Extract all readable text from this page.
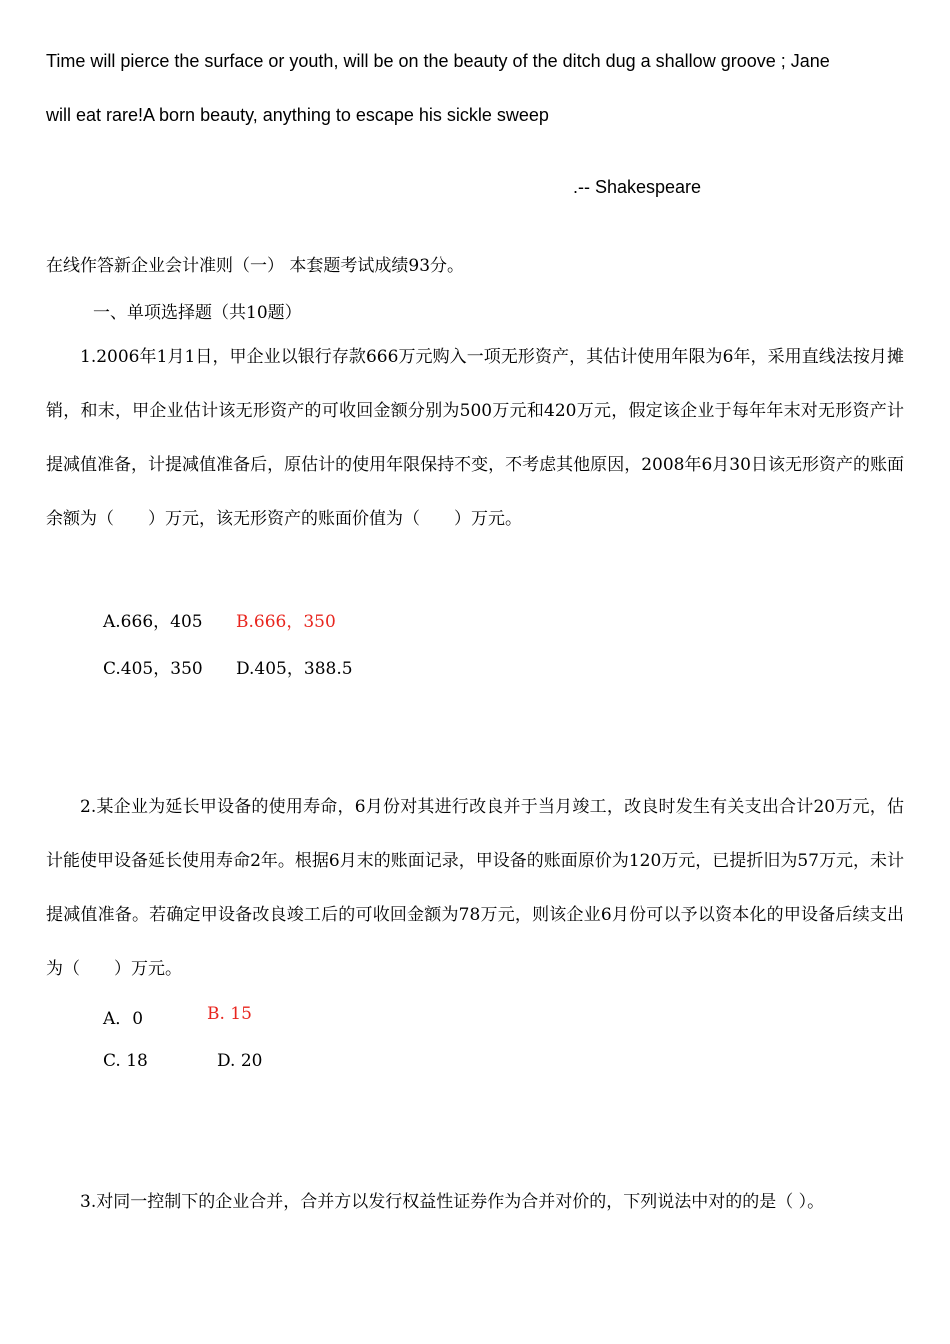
Time will pierce the surface or youth, will be on the beauty of the ditch dug a shallow groove ; Jane
will eat rare!A born beauty, anything to escape his sickle sweep
.-- Shakespeare
在线作答新企业会计准则（一） 本套题考试成绩93分。
一、单项选择题（共10题）
1.2006年1月1日，甲企业以银行存款666万元购入一项无形资产，其估计使用年限为6年，采用直线法按月摊销，和末，甲企业估计该无形资产的可收回金额分别为500万元和420万元，假定该企业于每年年末对无形资产计提减值准备，计提减值准备后，原估计的使用年限保持不变，不考虑其他原因，2008年6月30日该无形资产的账面余额为（　　）万元，该无形资产的账面价值为（　　）万元。
A.666，405 B.666，350
C.405，350 D.405，388.5
2.某企业为延长甲设备的使用寿命，6月份对其进行改良并于当月竣工，改良时发生有关支出合计20万元，估计能使甲设备延长使用寿命2年。根据6月末的账面记录，甲设备的账面原价为120万元，已提折旧为57万元，未计提减值准备。若确定甲设备改良竣工后的可收回金额为78万元，则该企业6月份可以予以资本化的甲设备后续支出为（　　）万元。
A．0	B. 15
C. 18	D. 20
3.对同一控制下的企业合并，合并方以发行权益性证券作为合并对价的，下列说法中对的的是（ ）。
